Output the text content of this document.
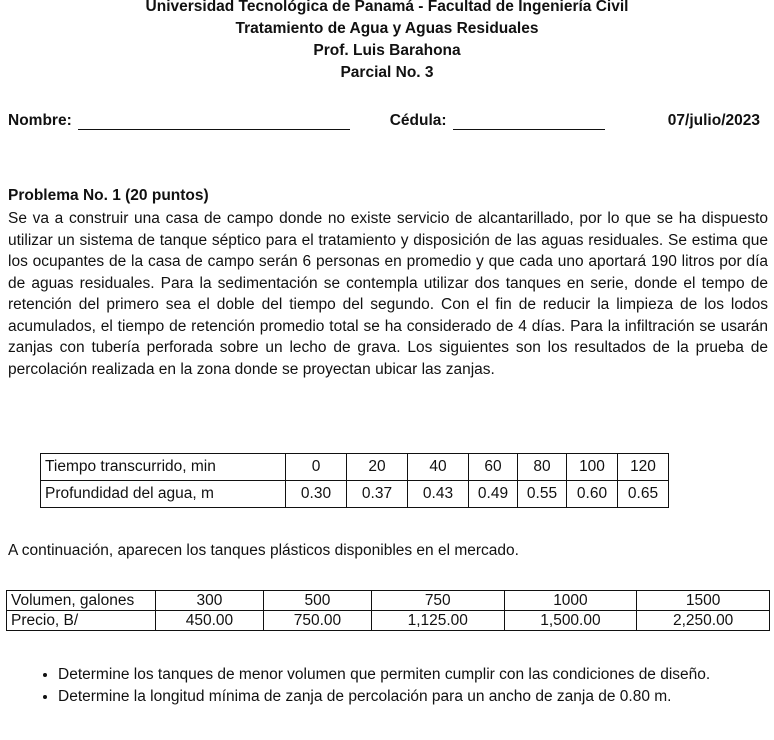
Universidad Tecnológica de Panamá - Facultad de Ingeniería Civil
Tratamiento de Agua y Aguas Residuales
Prof. Luis Barahona
Parcial No. 3
Nombre:	Cédula:	07/julio/2023
Problema No. 1 (20 puntos)
Se va a construir una casa de campo donde no existe servicio de alcantarillado, por lo que se ha dispuesto utilizar un sistema de tanque séptico para el tratamiento y disposición de las aguas residuales. Se estima que los ocupantes de la casa de campo serán 6 personas en promedio y que cada uno aportará 190 litros por día de aguas residuales. Para la sedimentación se contempla utilizar dos tanques en serie, donde el tempo de retención del primero sea el doble del tiempo del segundo. Con el fin de reducir la limpieza de los lodos acumulados, el tiempo de retención promedio total se ha considerado de 4 días. Para la infiltración se usarán zanjas con tubería perforada sobre un lecho de grava. Los siguientes son los resultados de la prueba de percolación realizada en la zona donde se proyectan ubicar las zanjas.
Tiempo transcurrido, min	0	20	40	60	80	100	120
Profundidad del agua, m	0.30	0.37	0.43	0.49	0.55	0.60	0.65
A continuación, aparecen los tanques plásticos disponibles en el mercado.
Volumen, galones	300	500	750	1000	1500
Precio, B/	450.00	750.00	1,125.00	1,500.00	2,250.00
• Determine los tanques de menor volumen que permiten cumplir con las condiciones de diseño.
• Determine la longitud mínima de zanja de percolación para un ancho de zanja de 0.80 m.
